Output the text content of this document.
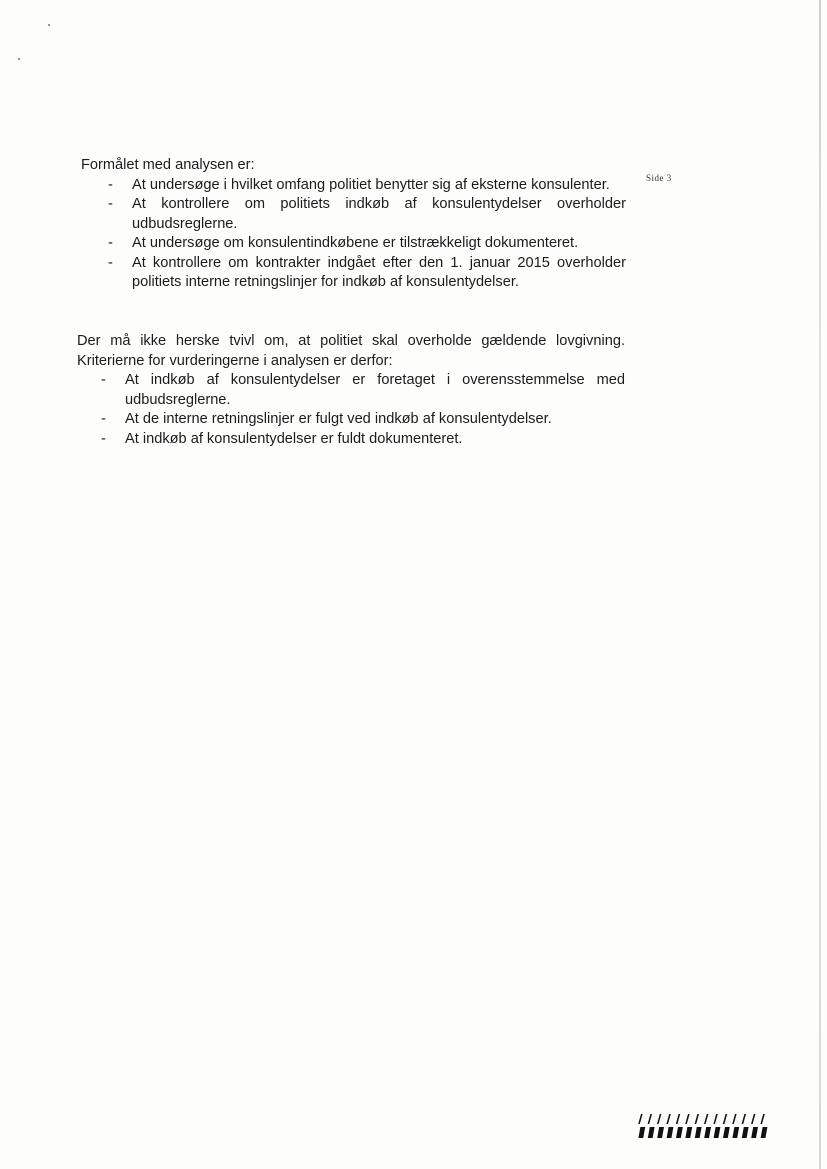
Side 3

Formålet med analysen er:

- At undersøge i hvilket omfang politiet benytter sig af eksterne konsulenter.
- At kontrollere om politiets indkøb af konsulentydelser overholder udbudsreglerne.
- At undersøge om konsulentindkøbene er tilstrækkeligt dokumenteret.
- At kontrollere om kontrakter indgået efter den 1. januar 2015 overholder politiets interne retningslinjer for indkøb af konsulentydelser.

Der må ikke herske tvivl om, at politiet skal overholde gældende lovgivning. Kriterierne for vurderingerne i analysen er derfor:

- At indkøb af konsulentydelser er foretaget i overensstemmelse med udbudsreglerne.
- At de interne retningslinjer er fulgt ved indkøb af konsulentydelser.
- At indkøb af konsulentydelser er fuldt dokumenteret.
